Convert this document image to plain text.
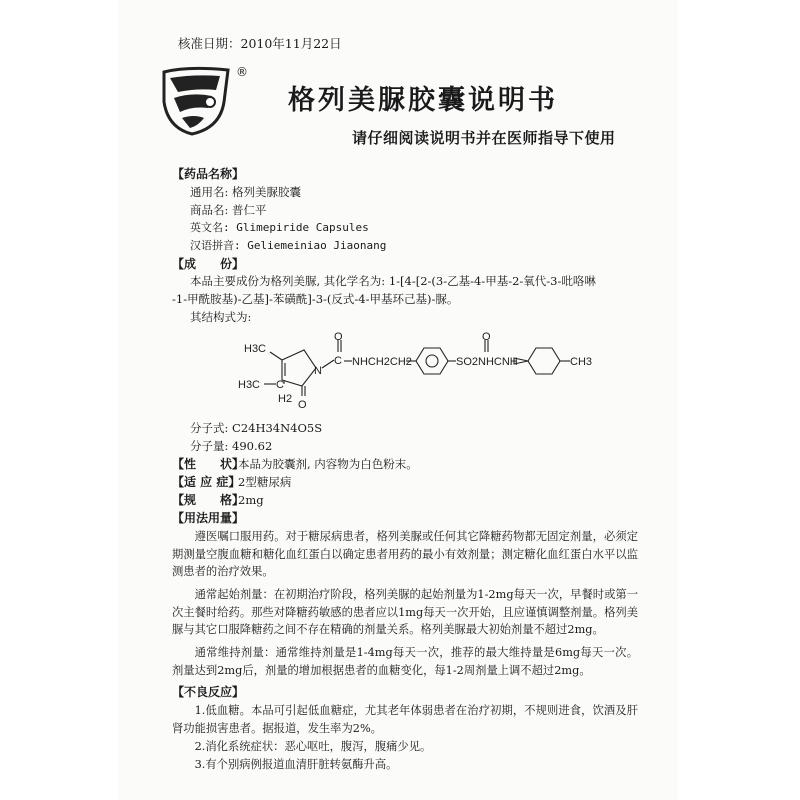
核准日期：2010年11月22日
®
格列美脲胶囊说明书
请仔细阅读说明书并在医师指导下使用
【药品名称】
通用名: 格列美脲胶囊
商品名: 普仁平
英文名: Glimepiride Capsules
汉语拼音: Geliemeiniao Jiaonang
【成　　份】
本品主要成份为格列美脲, 其化学名为: 1-[4-[2-(3-乙基-4-甲基-2-氧代-3-吡咯啉
-1-甲酰胺基)-乙基]-苯磺酰]-3-(反式-4-甲基环己基)-脲。
其结构式为:
H3C
N
C
O
NHCH2CH2	SO2NHCNH
O
CH3
H3C C
H2 O
分子式: C24H34N4O5S
分子量: 490.62
【性　　状】
本品为胶囊剂, 内容物为白色粉末。
【适 应 症】
2型糖尿病
【规　　格】
2mg
【用法用量】
遵医嘱口服用药。对于糖尿病患者，格列美脲或任何其它降糖药物都无固定剂量，必须定期测量空腹血糖和糖化血红蛋白以确定患者用药的最小有效剂量；测定糖化血红蛋白水平以监测患者的治疗效果。
通常起始剂量：在初期治疗阶段，格列美脲的起始剂量为1-2mg每天一次，早餐时或第一次主餐时给药。那些对降糖药敏感的患者应以1mg每天一次开始，且应谨慎调整剂量。格列美脲与其它口服降糖药之间不存在精确的剂量关系。格列美脲最大初始剂量不超过2mg。
通常维持剂量：通常维持剂量是1-4mg每天一次，推荐的最大维持量是6mg每天一次。剂量达到2mg后，剂量的增加根据患者的血糖变化，每1-2周剂量上调不超过2mg。
【不良反应】
1.低血糖。本品可引起低血糖症，尤其老年体弱患者在治疗初期，不规则进食，饮酒及肝肾功能损害患者。据报道，发生率为2%。
2.消化系统症状：恶心呕吐，腹泻，腹痛少见。
3.有个别病例报道血清肝脏转氨酶升高。
